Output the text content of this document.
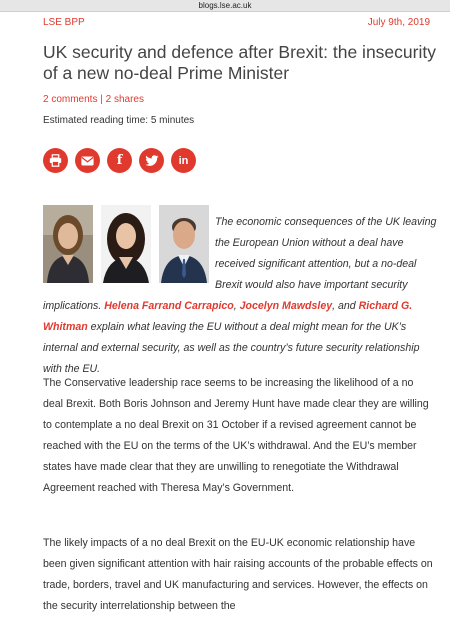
blogs.lse.ac.uk
LSE BPP	July 9th, 2019
UK security and defence after Brexit: the insecurity of a new no-deal Prime Minister
2 comments | 2 shares
Estimated reading time: 5 minutes
f	in

The economic consequences of the UK leaving the European Union without a deal have received significant attention, but a no-deal Brexit would also have important security implications. Helena Farrand Carrapico, Jocelyn Mawdsley, and Richard G. Whitman explain what leaving the EU without a deal might mean for the UK’s internal and external security, as well as the country’s future security relationship with the EU.

The Conservative leadership race seems to be increasing the likelihood of a no deal Brexit. Both Boris Johnson and Jeremy Hunt have made clear they are willing to contemplate a no deal Brexit on 31 October if a revised agreement cannot be reached with the EU on the terms of the UK’s withdrawal. And the EU’s member states have made clear that they are unwilling to renegotiate the Withdrawal Agreement reached with Theresa May’s Government.

The likely impacts of a no deal Brexit on the EU-UK economic relationship have been given significant attention with hair raising accounts of the probable effects on trade, borders, travel and UK manufacturing and services. However, the effects on the security interrelationship between the
